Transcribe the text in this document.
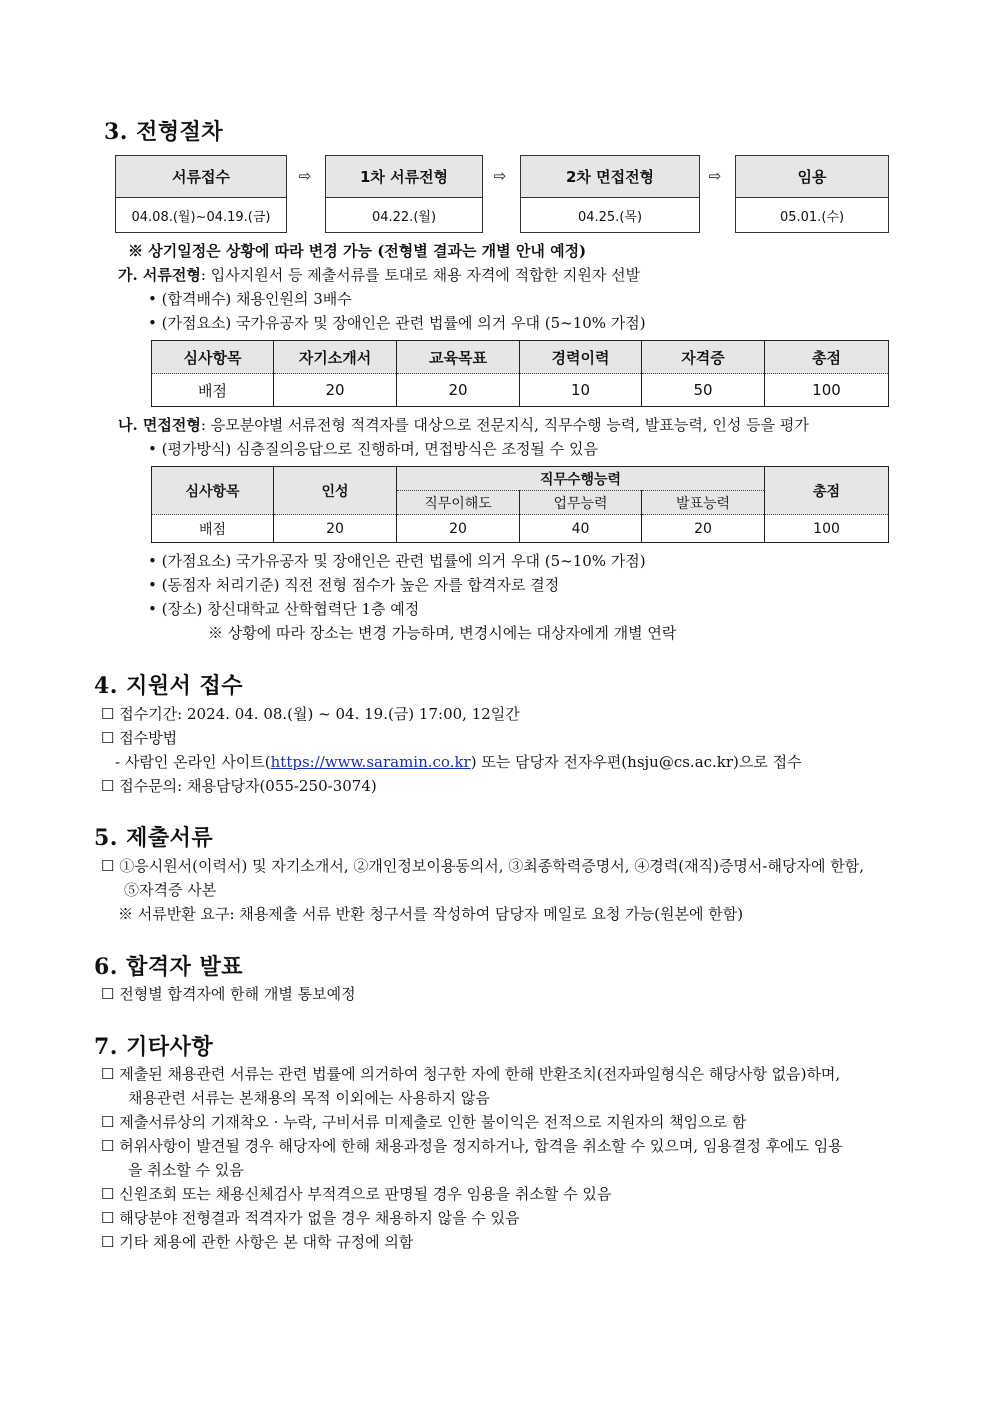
3. 전형절차
서류접수
04.08.(월)~04.19.(금)
⇨	1차 서류전형
04.22.(월)
⇨	2차 면접전형
04.25.(목)
⇨	임용
05.01.(수)
※ 상기일정은 상황에 따라 변경 가능 (전형별 결과는 개별 안내 예정)
가. 서류전형: 입사지원서 등 제출서류를 토대로 채용 자격에 적합한 지원자 선발
• (합격배수) 채용인원의 3배수
• (가점요소) 국가유공자 및 장애인은 관련 법률에 의거 우대 (5~10% 가점)
심사항목	자기소개서	교육목표	경력이력	자격증	총점
배점	20	20	10	50	100
나. 면접전형: 응모분야별 서류전형 적격자를 대상으로 전문지식, 직무수행 능력, 발표능력, 인성 등을 평가
• (평가방식) 심층질의응답으로 진행하며, 면접방식은 조정될 수 있음
심사항목	인성	직무수행능력			총점
		직무이해도	업무능력	발표능력	
배점	20	20	40	20	100
• (가점요소) 국가유공자 및 장애인은 관련 법률에 의거 우대 (5~10% 가점)
• (동점자 처리기준) 직전 전형 점수가 높은 자를 합격자로 결정
• (장소) 창신대학교 산학협력단 1층 예정
※ 상황에 따라 장소는 변경 가능하며, 변경시에는 대상자에게 개별 연락
4. 지원서 접수
☐ 접수기간: 2024. 04. 08.(월) ~ 04. 19.(금) 17:00, 12일간
☐ 접수방법
- 사람인 온라인 사이트(https://www.saramin.co.kr) 또는 담당자 전자우편(hsju@cs.ac.kr)으로 접수
☐ 접수문의: 채용담당자(055-250-3074)
5. 제출서류
☐ ①응시원서(이력서) 및 자기소개서, ②개인정보이용동의서, ③최종학력증명서, ④경력(재직)증명서-해당자에 한함,
⑤자격증 사본
※ 서류반환 요구: 채용제출 서류 반환 청구서를 작성하여 담당자 메일로 요청 가능(원본에 한함)
6. 합격자 발표
☐ 전형별 합격자에 한해 개별 통보예정
7. 기타사항
☐ 제출된 채용관련 서류는 관련 법률에 의거하여 청구한 자에 한해 반환조치(전자파일형식은 해당사항 없음)하며,
채용관련 서류는 본채용의 목적 이외에는 사용하지 않음
☐ 제출서류상의 기재착오 · 누락, 구비서류 미제출로 인한 불이익은 전적으로 지원자의 책임으로 함
☐ 허위사항이 발견될 경우 해당자에 한해 채용과정을 정지하거나, 합격을 취소할 수 있으며, 임용결정 후에도 임용
을 취소할 수 있음
☐ 신원조회 또는 채용신체검사 부적격으로 판명될 경우 임용을 취소할 수 있음
☐ 해당분야 전형결과 적격자가 없을 경우 채용하지 않을 수 있음
☐ 기타 채용에 관한 사항은 본 대학 규정에 의함
